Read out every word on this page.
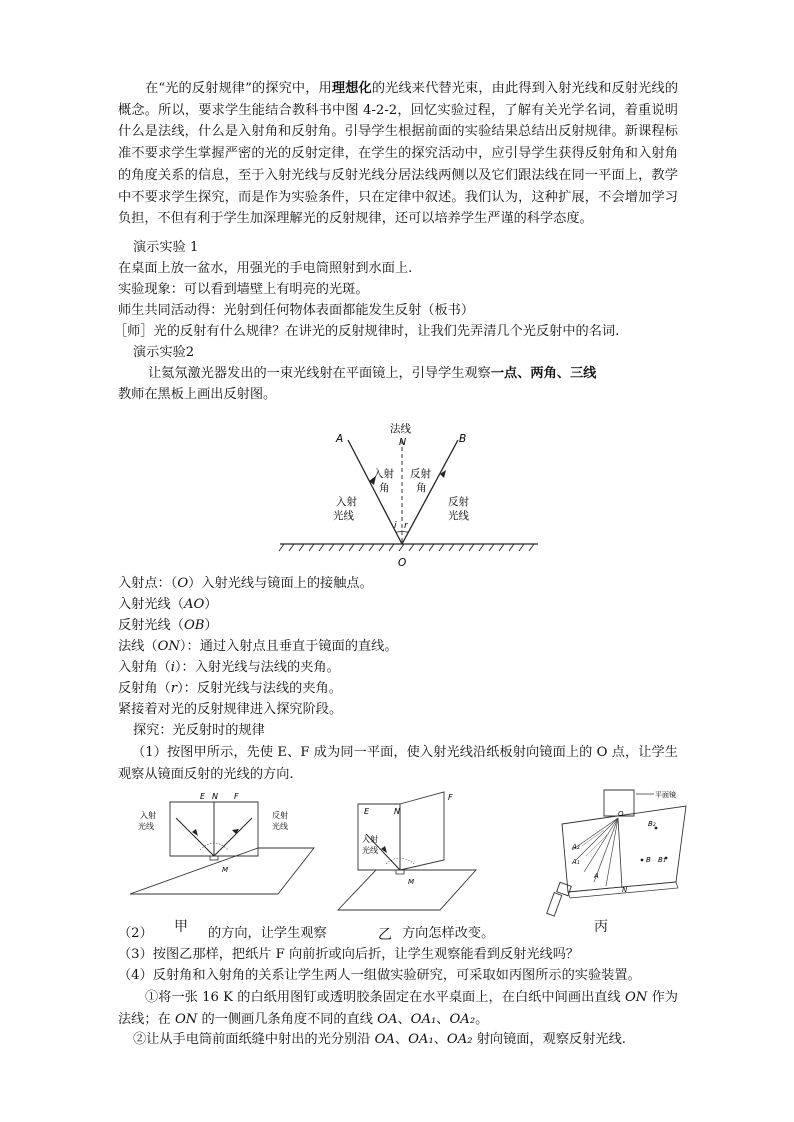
在“光的反射规律”的探究中，用理想化的光线来代替光束，由此得到入射光线和反射光线的概念。所以，要求学生能结合教科书中图 4-2-2，回忆实验过程，了解有关光学名词，着重说明什么是法线，什么是入射角和反射角。引导学生根据前面的实验结果总结出反射规律。新课程标准不要求学生掌握严密的光的反射定律，在学生的探究活动中，应引导学生获得反射角和入射角的角度关系的信息，至于入射光线与反射光线分居法线两侧以及它们跟法线在同一平面上，教学中不要求学生探究，而是作为实验条件，只在定律中叙述。我们认为，这种扩展，不会增加学习负担，不但有利于学生加深理解光的反射规律，还可以培养学生严谨的科学态度。
演示实验 1
在桌面上放一盆水，用强光的手电筒照射到水面上.
实验现象：可以看到墙壁上有明亮的光斑。
师生共同活动得：光射到任何物体表面都能发生反射（板书）
［师］光的反射有什么规律？在讲光的反射规律时，让我们先弄清几个光反射中的名词.
演示实验2
让氦氖激光器发出的一束光线射在平面镜上，引导学生观察一点、两角、三线
教师在黑板上画出反射图。
法线
N
A	B
O
i r
入射
角
反射
角
入射
光线
反射
光线
入射点：（O）入射光线与镜面上的接触点。
入射光线（AO）
反射光线（OB）
法线（ON）：通过入射点且垂直于镜面的直线。
入射角（i）：入射光线与法线的夹角。
反射角（r）：反射光线与法线的夹角。
紧接着对光的反射规律进入探究阶段。
探究：光反射时的规律
（1）按图甲所示，先使 E、F 成为同一平面，使入射光线沿纸板射向镜面上的 O 点，让学生观察从镜面反射的光线的方向.
E N F
M
入射
光线
反射
光线
E	N
F
M
入射
光线
平面镜
O
B₂
A₂
A₁
A
B B₁
N
甲	乙	丙
（2）	的方向，让学生观察	方向怎样改变。
（3）按图乙那样，把纸片 F 向前折或向后折，让学生观察能看到反射光线吗？
（4）反射角和入射角的关系让学生两人一组做实验研究，可采取如丙图所示的实验装置。
①将一张 16 K 的白纸用图钉或透明胶条固定在水平桌面上，在白纸中间画出直线 ON 作为法线；在 ON 的一侧画几条角度不同的直线 OA、OA₁、OA₂。
②让从手电筒前面纸缝中射出的光分别沿 OA、OA₁、OA₂ 射向镜面，观察反射光线.
